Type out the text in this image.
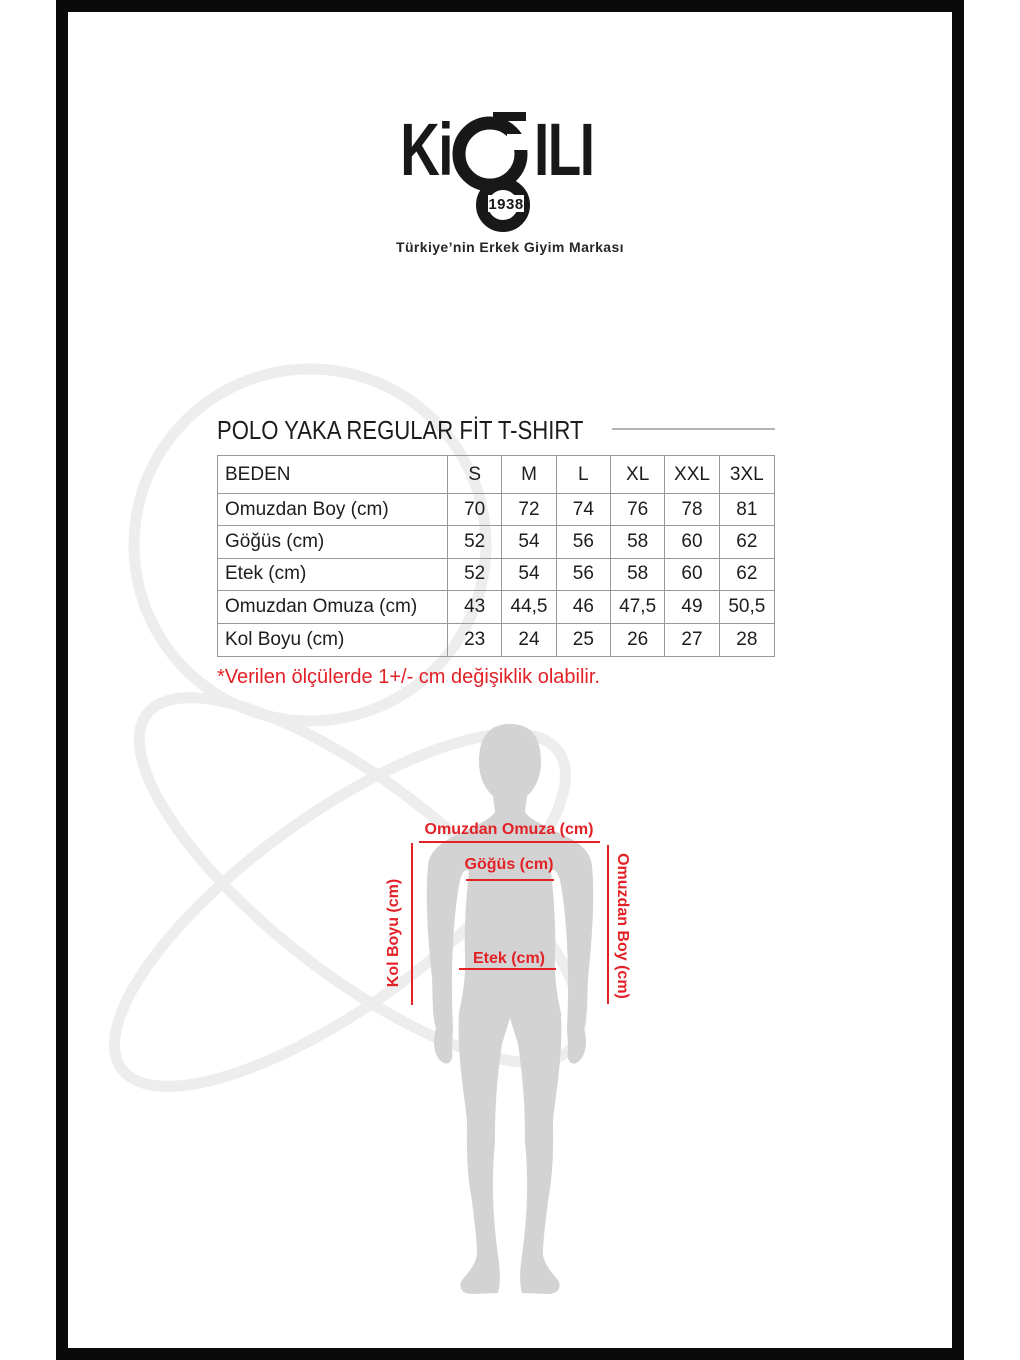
Ki
1938
ILI
Türkiye’nin Erkek Giyim Markası
POLO YAKA REGULAR FİT T-SHIRT
BEDEN	S	M	L	XL	XXL	3XL
Omuzdan Boy (cm)	70	72	74	76	78	81
Göğüs (cm)	52	54	56	58	60	62
Etek (cm)	52	54	56	58	60	62
Omuzdan Omuza (cm)	43	44,5	46	47,5	49	50,5
Kol Boyu (cm)	23	24	25	26	27	28
*Verilen ölçülerde 1+/- cm değişiklik olabilir.
Omuzdan Omuza (cm)
Göğüs (cm)
Etek (cm)
Kol Boyu (cm)	Omuzdan Boy (cm)
